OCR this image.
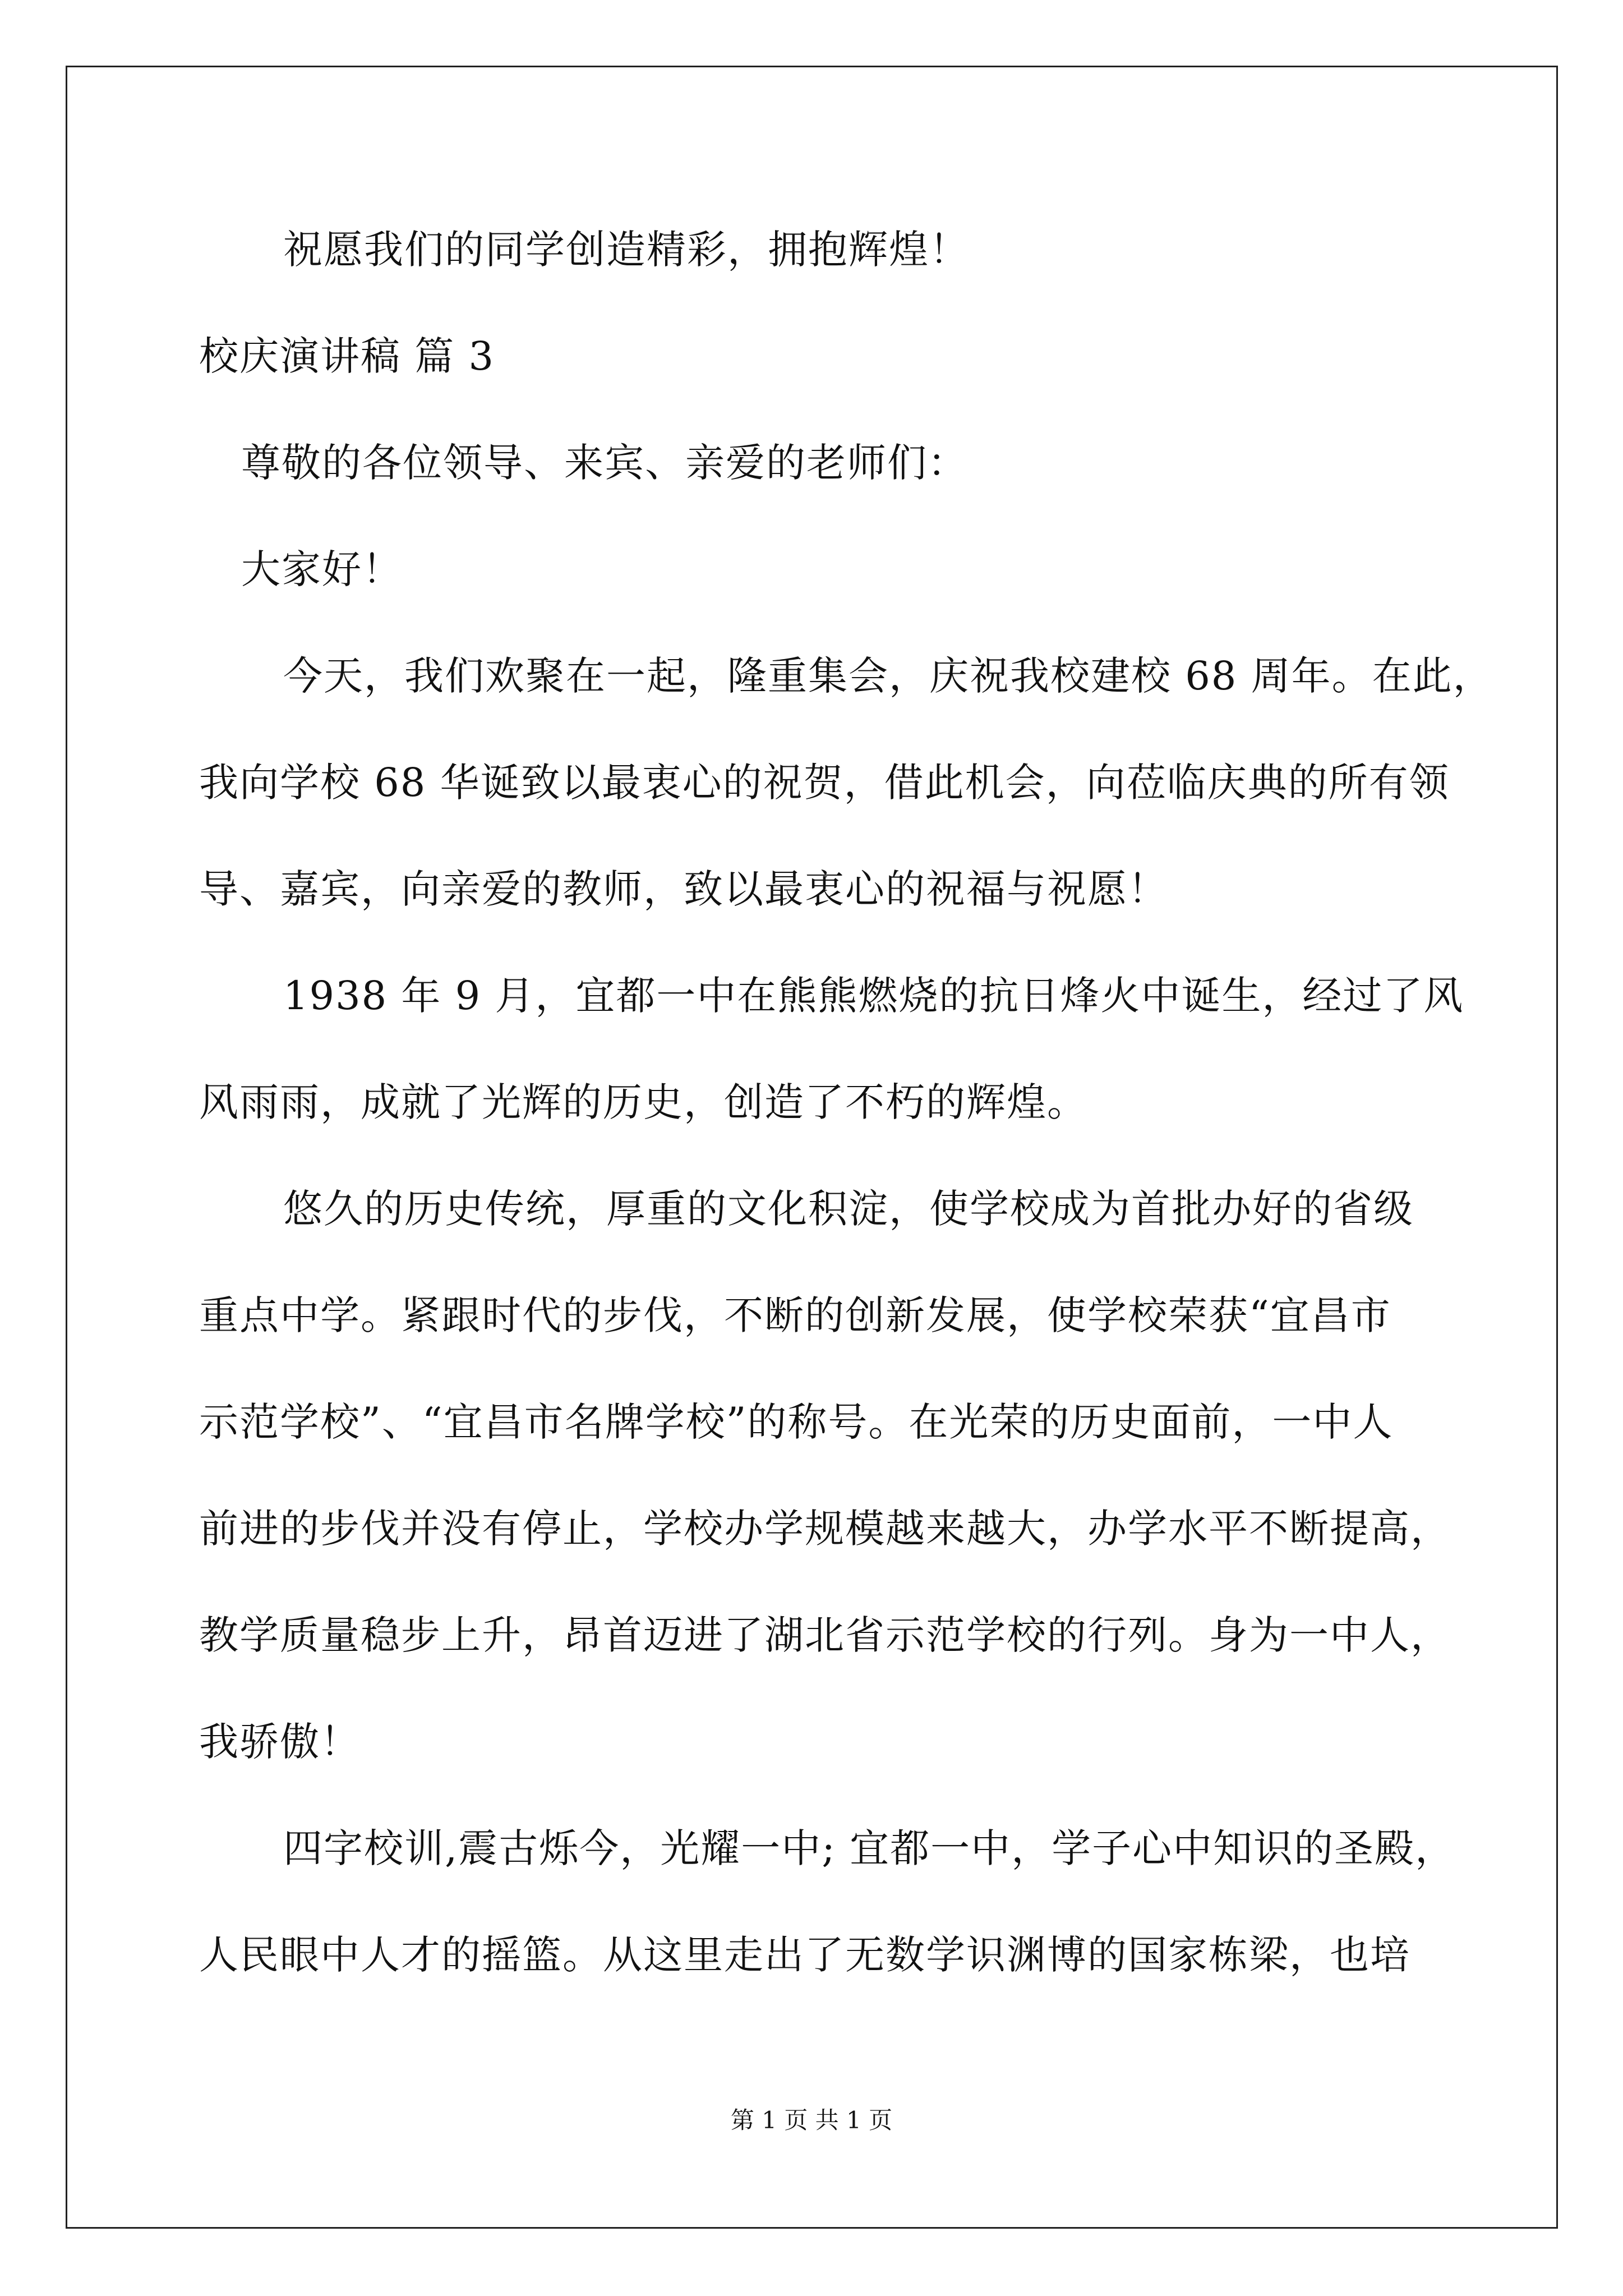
祝愿我们的同学创造精彩，拥抱辉煌！
校庆演讲稿 篇 3
尊敬的各位领导、来宾、亲爱的老师们：
大家好！
今天，我们欢聚在一起，隆重集会，庆祝我校建校 68 周年。在此，
我向学校 68 华诞致以最衷心的祝贺，借此机会，向莅临庆典的所有领
导、嘉宾，向亲爱的教师，致以最衷心的祝福与祝愿！
1938 年 9 月，宜都一中在熊熊燃烧的抗日烽火中诞生，经过了风
风雨雨，成就了光辉的历史，创造了不朽的辉煌。
悠久的历史传统，厚重的文化积淀，使学校成为首批办好的省级
重点中学。紧跟时代的步伐，不断的创新发展，使学校荣获“宜昌市
示范学校”、“宜昌市名牌学校”的称号。在光荣的历史面前，一中人
前进的步伐并没有停止，学校办学规模越来越大，办学水平不断提高，
教学质量稳步上升，昂首迈进了湖北省示范学校的行列。身为一中人，
我骄傲！
四字校训,震古烁今，光耀一中; 宜都一中，学子心中知识的圣殿，
人民眼中人才的摇篮。从这里走出了无数学识渊博的国家栋梁，也培
第 1 页 共 1 页
